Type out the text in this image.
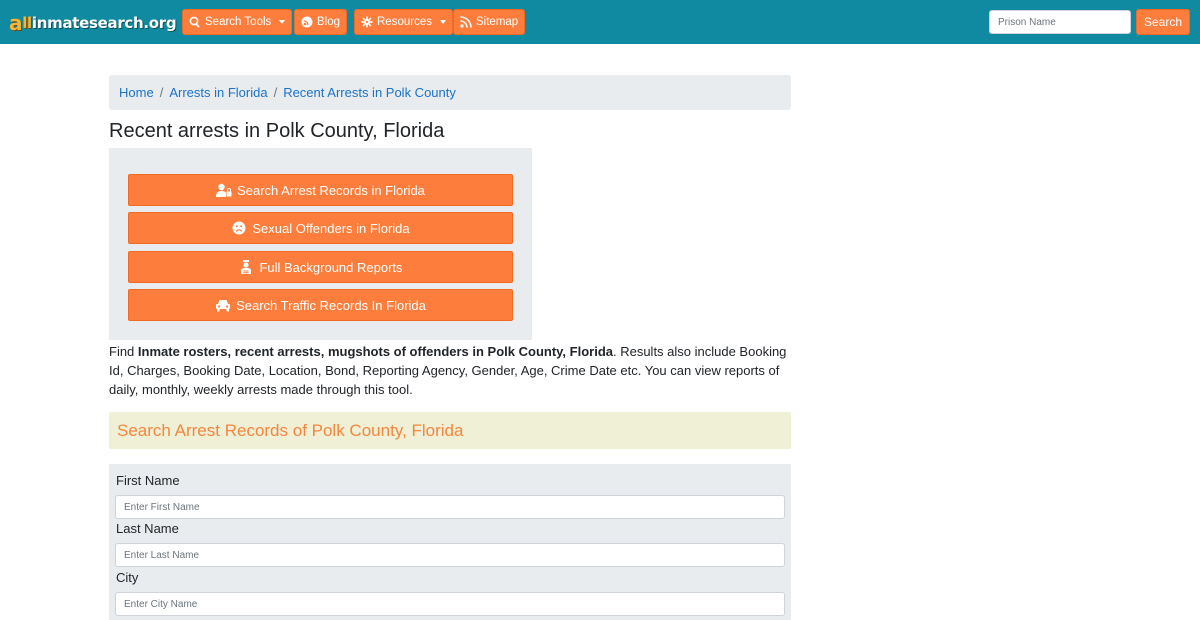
a ll inmatesearch.org Search Tools	Blog	Resources	Sitemap
Prison Name	Search
Home / Arrests in Florida / Recent Arrests in Polk County
Recent arrests in Polk County, Florida
Search Arrest Records in Florida
Sexual Offenders in Florida
Full Background Reports
Search Traffic Records In Florida

Find Inmate rosters, recent arrests, mugshots of offenders in Polk County, Florida. Results also include Booking Id, Charges, Booking Date, Location, Bond, Reporting Agency, Gender, Age, Crime Date etc. You can view reports of daily, monthly, weekly arrests made through this tool.

Search Arrest Records of Polk County, Florida
First Name
Enter First Name
Last Name
Enter Last Name
City
Enter City Name
